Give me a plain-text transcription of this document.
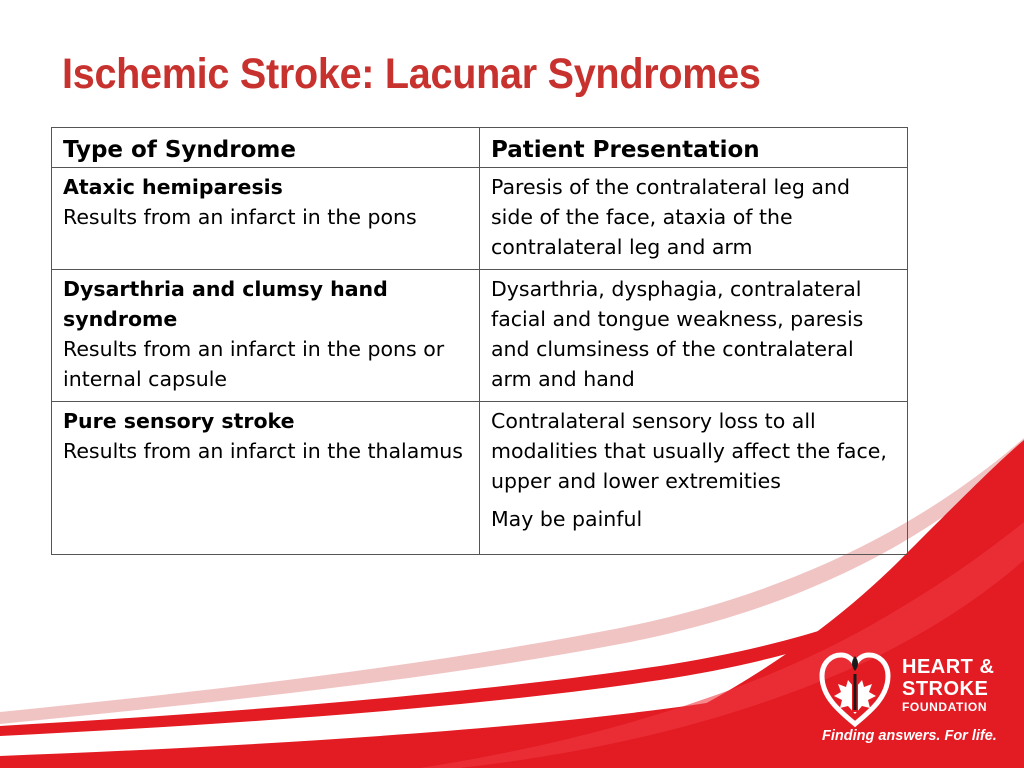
Ischemic Stroke: Lacunar Syndromes
Type of Syndrome	Patient Presentation

Ataxic hemiparesis
Results from an infarct in the pons	Paresis of the contralateral leg and side of the face, ataxia of the contralateral leg and arm

Dysarthria and clumsy hand syndrome
Results from an infarct in the pons or internal capsule	Dysarthria, dysphagia, contralateral facial and tongue weakness, paresis and clumsiness of the contralateral arm and hand

Pure sensory stroke
Results from an infarct in the thalamus	Contralateral sensory loss to all modalities that usually affect the face, upper and lower extremities
May be painful
HEART &
STROKE
FOUNDATION
Finding answers. For life.
